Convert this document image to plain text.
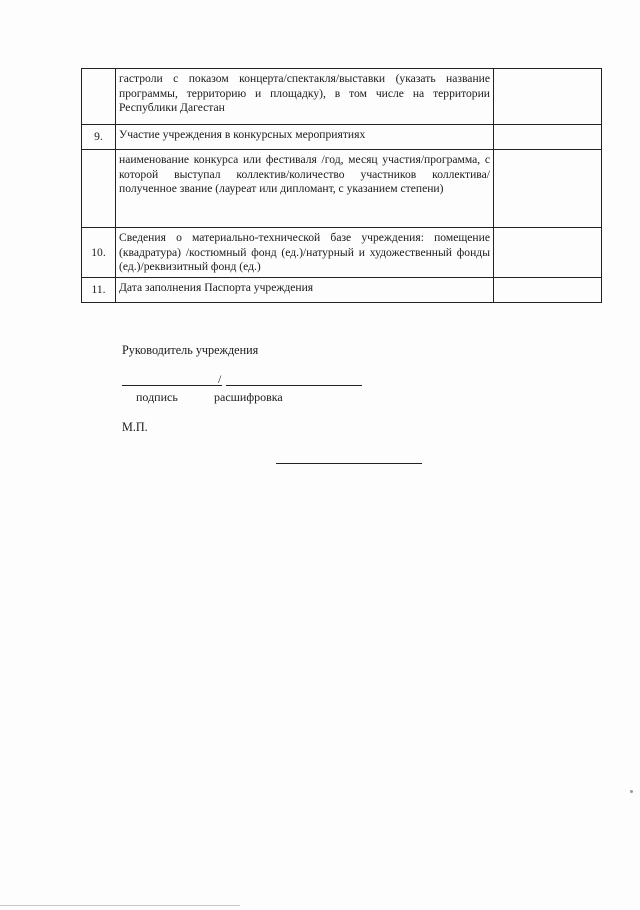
	гастроли с показом концерта/спектакля/выставки (указать название программы, территорию и площадку), в том числе на территории Республики Дагестан	
9.	Участие учреждения в конкурсных мероприятиях	
	наименование конкурса или фестиваля /год, месяц участия/программа, с которой выступал коллектив/количество участников коллектива/полученное звание (лауреат или дипломант, с указанием степени)	
10.	Сведения о материально-технической базе учреждения: помещение (квадратура) /костюмный фонд (ед.)/натурный и художественный фонды (ед.)/реквизитный фонд (ед.)	
11.	Дата заполнения Паспорта учреждения	
Руководитель учреждения
/
подпись	расшифровка
М.П.
